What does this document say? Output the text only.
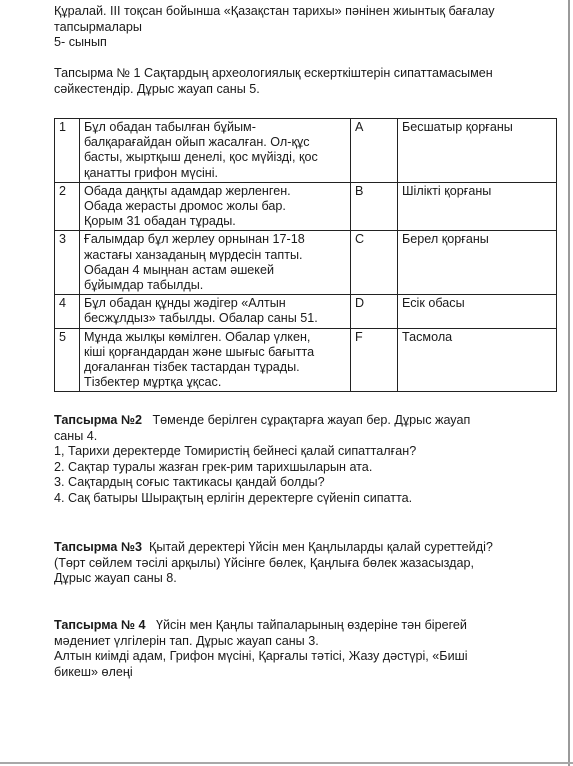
Құралай. III тоқсан бойынша «Қазақстан тарихы» пәнінен жиынтық бағалау
тапсырмалары
5- сынып
Тапсырма № 1 Сақтардың археологиялық ескерткіштерін сипаттамасымен
сәйкестендір. Дұрыс жауап саны 5.
1	Бұл обадан табылған бұйым-
балқарағайдан ойып жасалған. Ол-құс
басты, жыртқыш денелі, қос мүйізді, қос
қанатты грифон мүсіні.	A	Бесшатыр қорғаны
2	Обада даңқты адамдар жерленген.
Обада жерасты дромос жолы бар.
Қорым 31 обадан тұрады.	B	Шілікті қорғаны
3	Ғалымдар бұл жерлеу орнынан 17-18
жастағы ханзаданың мүрдесін тапты.
Обадан 4 мыңнан астам әшекей
бұйымдар табылды.	C	Берел қорғаны
4	Бұл обадан құнды жәдігер «Алтын
бесжұлдыз» табылды. Обалар саны 51.	D	Есік обасы
5	Мұнда жылқы көмілген. Обалар үлкен,
кіші қорғандардан және шығыс бағытта
доғаланған тізбек тастардан тұрады.
Тізбектер мұртқа ұқсас.	F	Тасмола
Тапсырма №2 Төменде берілген сұрақтарға жауап бер. Дұрыс жауап
саны 4.
1, Тарихи деректерде Томиристің бейнесі қалай сипатталған?
2. Сақтар туралы жазған грек-рим тарихшыларын ата.
3. Сақтардың соғыс тактикасы қандай болды?
4. Сақ батыры Шырақтың ерлігін деректерге сүйеніп сипатта.
Тапсырма №3 Қытай деректері Үйсін мен Қаңлыларды қалай суреттейді?
(Төрт сөйлем тәсілі арқылы) Үйсінге бөлек, Қаңлыға бөлек жазасыздар,
Дұрыс жауап саны 8.
Тапсырма № 4 Үйсін мен Қаңлы тайпаларының өздеріне тән бірегей
мәдениет үлгілерін тап. Дұрыс жауап саны 3.
Алтын киімді адам, Грифон мүсіні, Қарғалы тәтісі, Жазу дәстүрі, «Биші
бикеш» өлеңі
